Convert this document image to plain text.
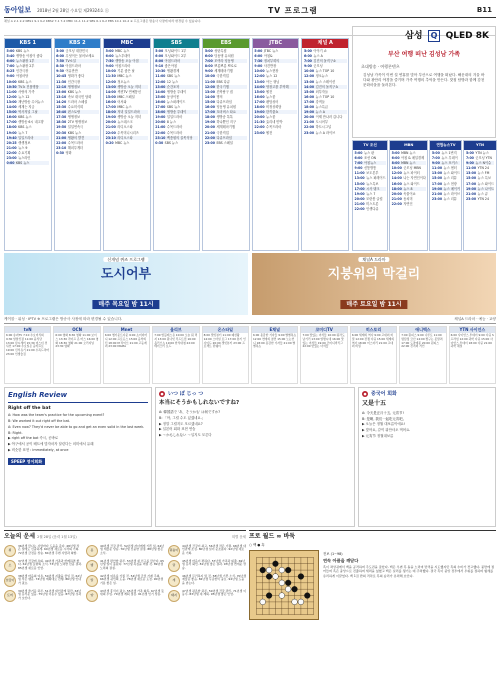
동아일보 2018년 2월 28일 수요일 제29324호 ⓢ	TV 프로그램	B11
채널 A 2-1 2-2 KBS1 9-1 9-2 KBS2 7-1 7-2 MBC 11-1 11-2 SBS 6-1 6-2 EBS 10-1 10-2 ※ 프로그램은 방송사 사정에 따라 변경될 수 있습니다.
KBS 1
5:00 KBS 뉴스
5:40 생방송 아침이 좋다
6:00 뉴스광장 1부
7:00 뉴스광장 2부
8:25 인간극장
9:00 아침마당
10:00 KBS 뉴스
10:50 TV쇼 진품명품
11:00 사랑의 가족
12:00 뉴스 12
13:00 재난방송 수어뉴스
14:00 세계는 지금
15:00 역사저널 그날
16:00 KBS 뉴스
17:00 생방송 6시 내고향
18:00 KBS 뉴스
19:00 뉴스 7
19:40 일일드라마
20:25 생생정보
21:00 뉴스 9
22:00 수요기획
23:00 뉴스라인
0:00 KBS 뉴스
KBS 2
5:00 굿모닝 대한민국
6:00 무엇이든 물어보세요
7:50 TV소설
8:30 아침드라마
9:30 여유만만
10:45 영화가 좋다
11:30 인간극장
12:10 생생정보
13:00 KBS 뉴스
13:10 속보 대국민 담화
14:20 드라마 스페셜
15:30 수요미식회
16:40 편스토랑
17:30 생생정보
18:30 2TV 생생정보
19:50 일일연속극
20:30 KBS 뉴스
21:00 생활의 발견
22:00 수목드라마
23:10 해피투게더
0:30 영화
MBC
5:00 MBC 뉴스
6:00 뉴스투데이
7:50 생방송 오늘 아침
9:00 아침드라마
10:00 기분 좋은 날
11:30 MBC 뉴스
12:00 정오뉴스
13:00 생방송 오늘 저녁
14:00 섹션TV 연예통신
15:00 MBC 스페셜
16:00 어서와
17:00 MBC 뉴스
18:00 저녁 일일드라마
19:00 생방송 오늘 저녁
20:00 뉴스데스크
21:00 라디오스타
22:00 수목미니시리즈
23:10 라디오스타
0:20 MBC 뉴스
SBS
5:00 모닝와이드 1부
6:00 모닝와이드 2부
8:00 아침드라마
9:10 좋은아침
10:30 생활경제
11:00 SBS 뉴스
12:00 12 뉴스
13:00 순간포착
14:00 생방송 투데이
15:00 동상이몽
16:00 뉴스퍼레이드
17:00 SBS 뉴스
18:00 생방송 투데이
19:00 일일드라마
20:00 8 뉴스
21:00 수목드라마
22:00 수목드라마
23:10 백종원의 골목식당
0:30 SBS 뉴스
EBS
5:00 성탄특집
6:00 딩동댕 유치원
7:00 모여라 딩동댕
8:00 뽀롱뽀롱 뽀로로
9:00 세계테마기행
10:00 극한직업
11:00 EBS 다큐
12:00 한국기행
13:00 건축탐구 집
14:00 명의
15:00 다큐프라임
16:00 딩동댕 유치원
17:00 꼬마버스 타요
18:00 생방송 톡톡
19:00 하나뿐인 지구
20:00 세계테마기행
21:00 극한직업
22:00 다큐프라임
23:00 EBS 스페셜
JTBC
5:00 JTBC 뉴스
6:00 아침&
7:30 정치부회의
9:00 사건반장
10:00 뉴스현장
12:00 뉴스 12
13:00 아는 형님
14:00 냉장고를 부탁해
15:00 썰전
16:00 뉴스룸
17:00 팬텀싱어
18:00 비정상회담
19:00 한끼줍쇼
20:00 뉴스룸
21:30 효리네 민박
22:00 수목드라마
23:00 썰전
채널 A
5:00 이야기 쇼
6:00 뉴스 A
7:00 김진의 돌직구쇼
9:00 굿모닝
10:00 뉴스 TOP 10
12:00 정오뉴스
13:00 뉴스 스테이션
14:00 김진의 돌직구쇼
15:00 외부자들
16:00 뉴스 TOP 10
17:00 강적들
18:00 뉴스특급
19:00 뉴스 A
20:00 이제 만나러 갑니다
21:00 도시어부
22:00 하트시그널
23:00 뉴스 A 라이브
삼성 Q QLED 8K
부산 여행 떠난 김성남 가족
초대방송 · 여행콘텐츠
김성남 가족이 이번 설 연휴를 맞아 부산으로 여행을 떠났다. 해운대의 겨울 바다와 광안리 야경을 즐기며 가족 여행의 추억을 만든다. 맛집 탐방과 함께 감천문화마을을 둘러본다.
TV 조선
5:00 뉴스 판
6:00 조선 ON
7:00 아침뉴스
9:00 신통방통
11:00 보도본부
13:00 뉴스 퍼레이드
15:00 뉴스특보
17:00 시사 탱크
19:00 뉴스 7
20:00 모란봉 클럽
21:00 미스트롯
22:00 인생다큐
MBN
5:00 MBN 뉴스
6:00 아침 & 매일경제
8:00 MBN 뉴스
10:00 굿모닝 MBN
12:00 뉴스 파이터
14:00 나는 자연인이다
16:00 뉴스 와이드
18:00 뉴스 8
20:00 속풀이쇼
21:00 동치미
22:00 자연인
연합뉴스TV
5:00 뉴스 1번지
7:00 뉴스 투데이
9:00 뉴스 포커스
11:00 뉴스 센터
13:00 뉴스 와이드
15:00 뉴스 리뷰
17:00 뉴스 현장
19:00 뉴스 메이커
21:00 뉴스 라이브
23:00 뉴스 리뷰
YTN
5:00 YTN 뉴스
7:00 굿모닝 YTN
9:00 뉴스 N이슈
11:00 YTN 24
13:00 뉴스 FM
15:00 뉴스 특보
17:00 뉴스 와이드
19:00 뉴스 나이트
21:00 뉴스 큐
23:00 YTN 24
신개념 퀴즈 프로그램
도시어부
매주 목요일 밤 11시
채널A 드라마
지붕위의 막걸리
매주 토요일 밤 11시
케이블 · 위성 · IPTV ※ 프로그램은 방송사 사정에 따라 변경될 수 있습니다.	채널A 드라마 · 예능 · 교양
tvN
6:00 슈퍼TV 7:10 수요미식회 9:30 알쓸신잡 11:00 윤식당 13:00 삼시세끼 15:30 미스터 션샤인 17:00 수요일은 음악프로 19:00 신서유기 21:00 수목드라마 23:00 인생술집
OCN
6:00 영화 8:30 영화 11:00 보이스 13:30 라이프 온 마스 16:00 영화 18:30 영화 21:00 오리지널 23:30 영화
Mnet
6:00 엠카운트다운 9:00 쇼미더머니 12:00 프로듀스 15:00 음악의 신 18:00 M 라이브 21:00 고등래퍼 23:00 MAMA
올리브
7:00 밥블레스유 10:00 오늘 뭐 먹지 13:00 원나잇 푸드트립 16:00 올리브쇼 19:00 한식대첩 22:00 테이스티 로드
온스타일
8:00 겟잇뷰티 11:00 패션왕 14:00 스타일 로그 17:00 뷰티 인사이드 20:00 겟잇뷰티 23:00 프로젝트 런웨이
E채널
6:00 용감한 기자들 9:00 별별톡쇼 12:00 연애의 참견 15:00 노는언니 18:00 용감한 기자들 21:00 별별톡쇼
코미디TV
7:00 맛있는 녀석들 10:00 뭐라도 남기리 13:00 얼짱시대 16:00 맛있는 녀석들 19:00 코미디빅리그 22:00 맛있는 녀석들
히스토리
6:00 세계의 역사 9:00 고대의 비밀 12:00 전쟁 다큐 15:00 세계의 역사 18:00 미스터리 21:00 고대의 비밀
애니맥스
7:00 원피스 9:00 나루토 11:00 명탐정 코난 14:00 짱구는 못말려 17:00 도라에몽 20:00 원피스 22:00 진격의 거인
YTN 사이언스
6:00 사이언스 투데이 9:00 다큐 S프라임 12:00 과학 다큐 15:00 사이언스 투데이 18:00 다큐 21:00 과학 채널
English Review
Right off the bat
A: How was the team's practice for the upcoming event?
B: We worked it out right off the bat.
A: Even now? They'd never be able to go and get an even solid in the last week.
B: Right.
▶ right off the bat 즉시, 곧바로
▶ 야구에서 공이 배트에 맞자마자 달린다는 의미에서 유래
▶ 비슷한 표현 : immediately, at once
SPEEP 영어회화
● いつ ぼ じっ つ
本当にそうかもしれないですね?
A: 韓国語で 'あ、そうかも' は何ですか?
B: 「아, 그럴 수도 있겠네요.」
▶ 정말 그럴지도 모르겠네요?
▶ 일본어 회화 표현 연습
▶ 〜かもしれない 〜일지도 모른다
● 중국어 회화
又是十五
A: 今天是正月十五, 元宵节!
B: 是啊, 我们一起吃元宵吧。
▶ 오늘은 정월 대보름이에요!
▶ 맞아요, 같이 위안샤오 먹어요.
▶ 元宵节 정월대보름
오늘의 운세 2월 28일 (음력 1월 13일)	띠별 운세
쥐
36년생 만나는 사람마다 도움을 준다. 48년생 작은 일에도 신중하게. 60년생 새로운 시작의 기회. 72년생 금전운 상승. 84년생 주변 사람과 화합.
소
37년생 건강에 유의. 49년생 가족과 함께하면 좋다. 61년생 뜻밖의 소식. 73년생 노력한 만큼 결과. 85년생 새로운 인연.
호랑이
38년생 마음의 여유. 50년생 지출을 줄일 것. 62년생 작은 행운. 74년생 계획대로 진행. 86년생 인내가 필요.
토끼
39년생 즐거운 하루. 51년생 대인관계 원만. 63년생 문서운 있음. 75년생 이동수 있음. 87년생 성과가 보인다.
용
40년생 건강 관리. 52년생 자녀에게 기쁜 일. 64년생 재물운 상승. 76년생 신중한 결정. 88년생 좋은 소식.
뱀
41년생 편안한 하루. 53년생 새 친구를 만난다. 65년생 일이 풀린다. 77년생 욕심을 버릴 것. 89년생 노력의 결실.
말
42년생 여유를 가질 것. 54년생 금전 거래 주의. 66년생 귀인의 도움. 78년생 새로운 도전. 90년생 기분 좋은 일.
양
43년생 휴식이 필요. 55년생 가족 화목. 67년생 뜻밖의 수입. 79년생 계획 점검. 91년생 인기 상승.
원숭이
44년생 건강이 최고. 56년생 작은 기쁨. 68년생 대인관계 조심. 80년생 일이 순조롭다. 92년생 새로운 기회.
닭
45년생 마음이 편하다. 57년생 가족과 외출. 69년생 문서 확인. 81년생 좋은 결과. 93년생 연애운 상승.
개
46년생 무리하지 말 것. 58년생 기쁜 소식. 70년생 재물운 좋음. 82년생 꾸준함이 중요. 94년생 도움을 받는다.
돼지
47년생 평온한 하루. 59년생 건강 관리. 71년생 이동수. 83년생 새 계획. 95년생 좋은 인연.
프로 월드 ∞ 바둑
○ 백 ● 흑
전보 (1~98)
연속 아픔을 깨닫다
흑이 좌상귀에서 백을 공격하며 주도권을 잡았다. 백은 우변 흑 돌을 노리며 반격을 시도했지만 흑의 수비가 견고했다. 중반에 접어들며 흑은 중앙으로 진출하며 세력을 넓혔고 백은 실리를 챙기는 데 주력했다. 결국 흑이 중앙 전투에서 우위를 점하며 형세를 유리하게 이끌었다. 백 1집 반의 격차로 흑의 승리가 유력해 보인다.
